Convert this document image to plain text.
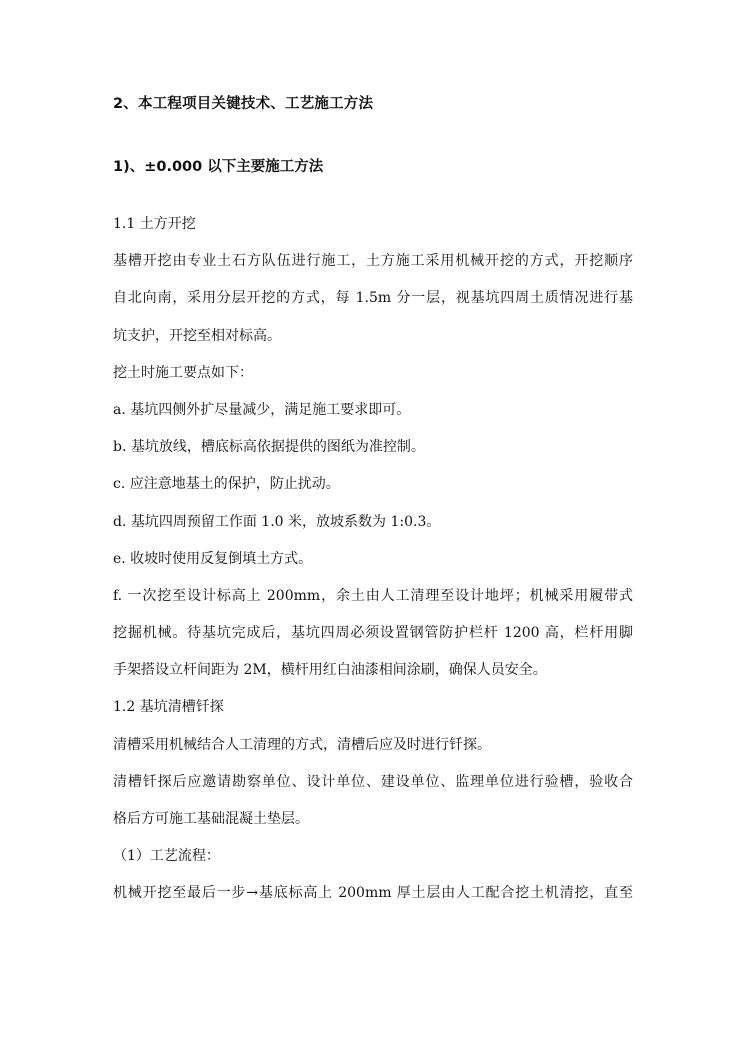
2、本工程项目关键技术、工艺施工方法
1)、±0.000 以下主要施工方法
1.1 土方开挖
基槽开挖由专业土石方队伍进行施工，土方施工采用机械开挖的方式，开挖顺序
自北向南，采用分层开挖的方式，每 1.5m 分一层，视基坑四周土质情况进行基
坑支护，开挖至相对标高。
挖土时施工要点如下：
a. 基坑四侧外扩尽量减少，满足施工要求即可。
b. 基坑放线，槽底标高依据提供的图纸为准控制。
c. 应注意地基土的保护，防止扰动。
d. 基坑四周预留工作面 1.0 米，放坡系数为 1:0.3。
e. 收坡时使用反复倒填土方式。
f. 一次挖至设计标高上 200mm，余土由人工清理至设计地坪；机械采用履带式
挖掘机械。待基坑完成后，基坑四周必须设置钢管防护栏杆 1200 高，栏杆用脚
手架搭设立杆间距为 2M，横杆用红白油漆相间涂刷，确保人员安全。
1.2 基坑清槽钎探
清槽采用机械结合人工清理的方式，清槽后应及时进行钎探。
清槽钎探后应邀请勘察单位、设计单位、建设单位、监理单位进行验槽，验收合
格后方可施工基础混凝土垫层。
（1）工艺流程：
机械开挖至最后一步→基底标高上 200mm 厚土层由人工配合挖土机清挖，直至
